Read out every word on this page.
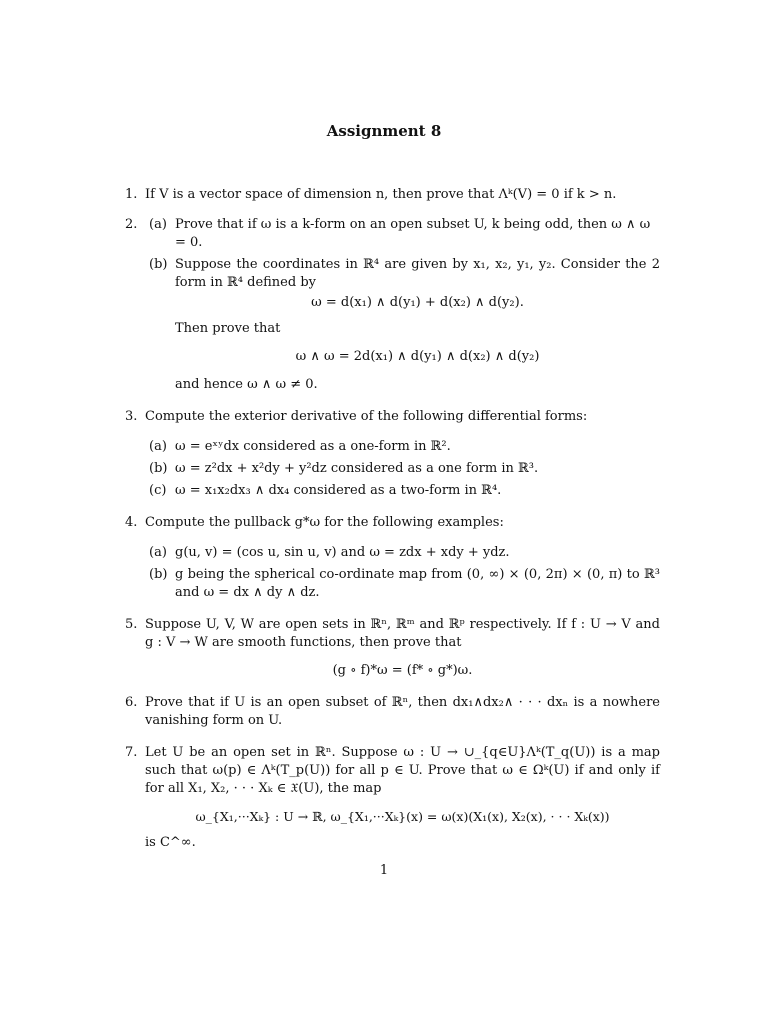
Assignment 8
1. If V is a vector space of dimension n, then prove that Λᵏ(V) = 0 if k > n.
2. (a) Prove that if ω is a k-form on an open subset U, k being odd, then ω ∧ ω = 0.
(b) Suppose the coordinates in ℝ⁴ are given by x₁, x₂, y₁, y₂. Consider the 2 form in ℝ⁴ defined by
ω = d(x₁) ∧ d(y₁) + d(x₂) ∧ d(y₂).
Then prove that
ω ∧ ω = 2d(x₁) ∧ d(y₁) ∧ d(x₂) ∧ d(y₂)
and hence ω ∧ ω ≠ 0.
3. Compute the exterior derivative of the following differential forms:
(a) ω = eˣʸdx considered as a one-form in ℝ².
(b) ω = z²dx + x²dy + y²dz considered as a one form in ℝ³.
(c) ω = x₁x₂dx₃ ∧ dx₄ considered as a two-form in ℝ⁴.
4. Compute the pullback g*ω for the following examples:
(a) g(u, v) = (cos u, sin u, v) and ω = zdx + xdy + ydz.
(b) g being the spherical co-ordinate map from (0, ∞) × (0, 2π) × (0, π) to ℝ³ and ω = dx ∧ dy ∧ dz.
5. Suppose U, V, W are open sets in ℝⁿ, ℝᵐ and ℝᵖ respectively. If f : U → V and g : V → W are smooth functions, then prove that
(g ∘ f)*ω = (f* ∘ g*)ω.
6. Prove that if U is an open subset of ℝⁿ, then dx₁∧dx₂∧ · · · dxₙ is a nowhere vanishing form on U.
7. Let U be an open set in ℝⁿ. Suppose ω : U → ∪_{q∈U}Λᵏ(T_q(U)) is a map such that ω(p) ∈ Λᵏ(T_p(U)) for all p ∈ U. Prove that ω ∈ Ωᵏ(U) if and only if for all X₁, X₂, · · · Xₖ ∈ 𝔛(U), the map
ω_{X₁,···Xₖ} : U → ℝ, ω_{X₁,···Xₖ}(x) = ω(x)(X₁(x), X₂(x), · · · Xₖ(x))
is C^∞.
1
